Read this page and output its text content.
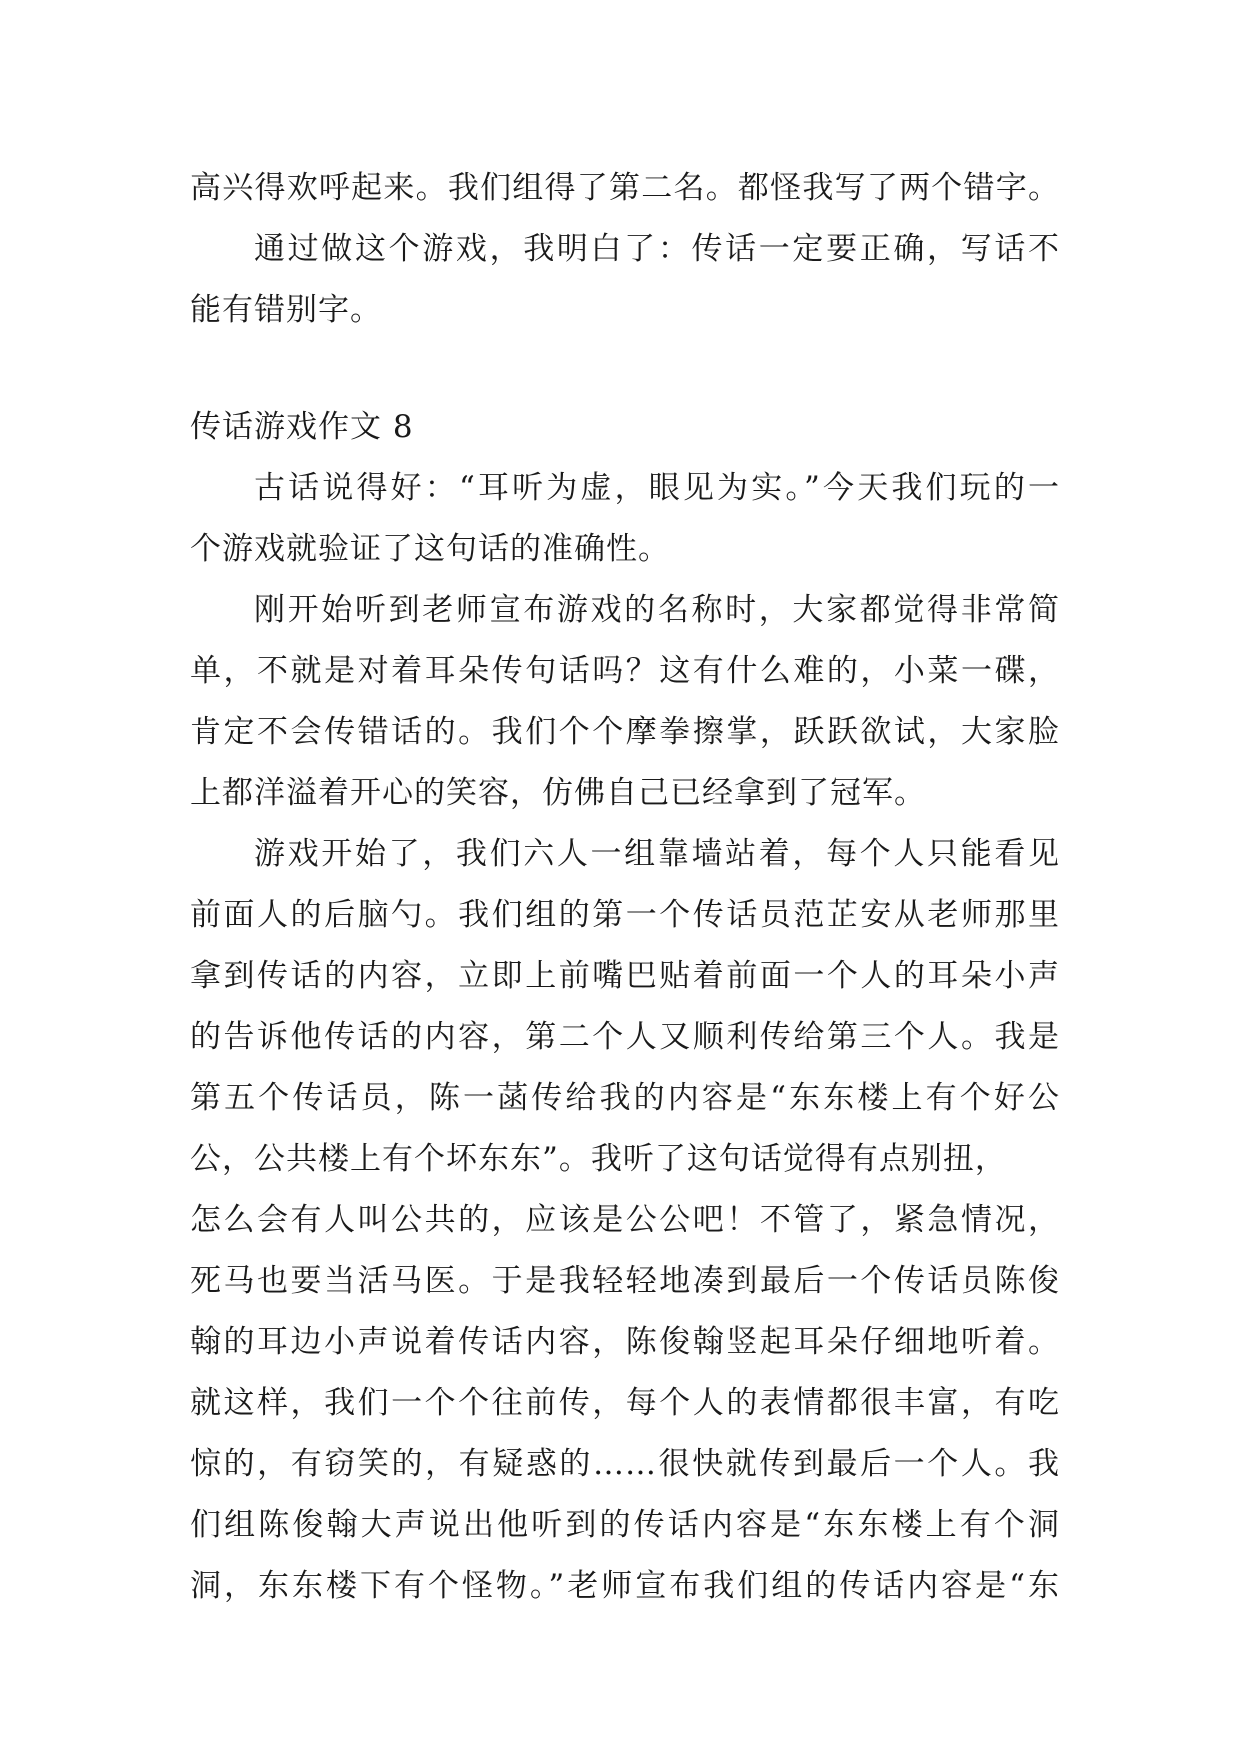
高兴得欢呼起来。我们组得了第二名。都怪我写了两个错字。
通过做这个游戏，我明白了：传话一定要正确，写话不
能有错别字。
传话游戏作文 8
古话说得好：“耳听为虚，眼见为实。”今天我们玩的一
个游戏就验证了这句话的准确性。
刚开始听到老师宣布游戏的名称时，大家都觉得非常简
单，不就是对着耳朵传句话吗？这有什么难的，小菜一碟，
肯定不会传错话的。我们个个摩拳擦掌，跃跃欲试，大家脸
上都洋溢着开心的笑容，仿佛自己已经拿到了冠军。
游戏开始了，我们六人一组靠墙站着，每个人只能看见
前面人的后脑勺。我们组的第一个传话员范芷安从老师那里
拿到传话的内容，立即上前嘴巴贴着前面一个人的耳朵小声
的告诉他传话的内容，第二个人又顺利传给第三个人。我是
第五个传话员，陈一菡传给我的内容是“东东楼上有个好公
公，公共楼上有个坏东东”。我听了这句话觉得有点别扭，
怎么会有人叫公共的，应该是公公吧！不管了，紧急情况，
死马也要当活马医。于是我轻轻地凑到最后一个传话员陈俊
翰的耳边小声说着传话内容，陈俊翰竖起耳朵仔细地听着。
就这样，我们一个个往前传，每个人的表情都很丰富，有吃
惊的，有窃笑的，有疑惑的……很快就传到最后一个人。我
们组陈俊翰大声说出他听到的传话内容是“东东楼上有个洞
洞，东东楼下有个怪物。”老师宣布我们组的传话内容是“东
